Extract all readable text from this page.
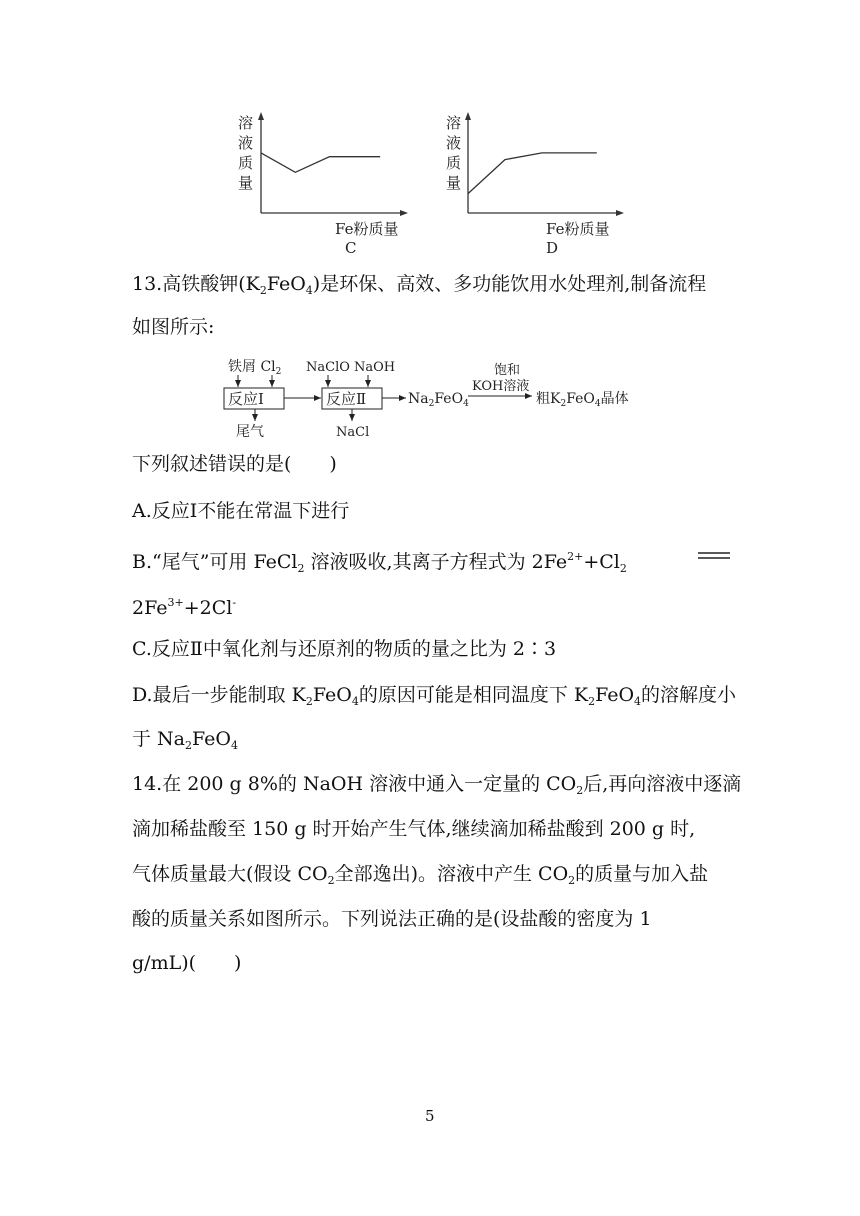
溶
液
质
量
Fe粉质量
C
溶
液
质
量
Fe粉质量
D
13.高铁酸钾$(K_2FeO_4)$是环保、高效、多功能饮用水处理剂,制备流程
如图所示:
铁屑 $Cl_2$
反应Ⅰ
尾气
NaClO NaOH
反应Ⅱ
NaCl
$Na_2FeO_4$
饱和
KOH溶液
粗$K_2FeO_4$晶体
下列叙述错误的是(　　)
A.反应Ⅰ不能在常温下进行
B.“尾气”可用 FeCl$_2$ 溶液吸收,其离子方程式为 $2Fe^{2+}+Cl_2$
$2Fe^{3+}+2Cl^-$
C.反应Ⅱ中氧化剂与还原剂的物质的量之比为 2∶3
D.最后一步能制取 $K_2FeO_4$的原因可能是相同温度下 $K_2FeO_4$的溶解度小
于 $Na_2FeO_4$
14.在 200 g 8%的 NaOH 溶液中通入一定量的 $CO_2$后,再向溶液中逐滴
滴加稀盐酸至 150 g 时开始产生气体,继续滴加稀盐酸到 200 g 时,
气体质量最大(假设 $CO_2$全部逸出)。溶液中产生 $CO_2$的质量与加入盐
酸的质量关系如图所示。下列说法正确的是(设盐酸的密度为 1
g/mL)(　　)
5
